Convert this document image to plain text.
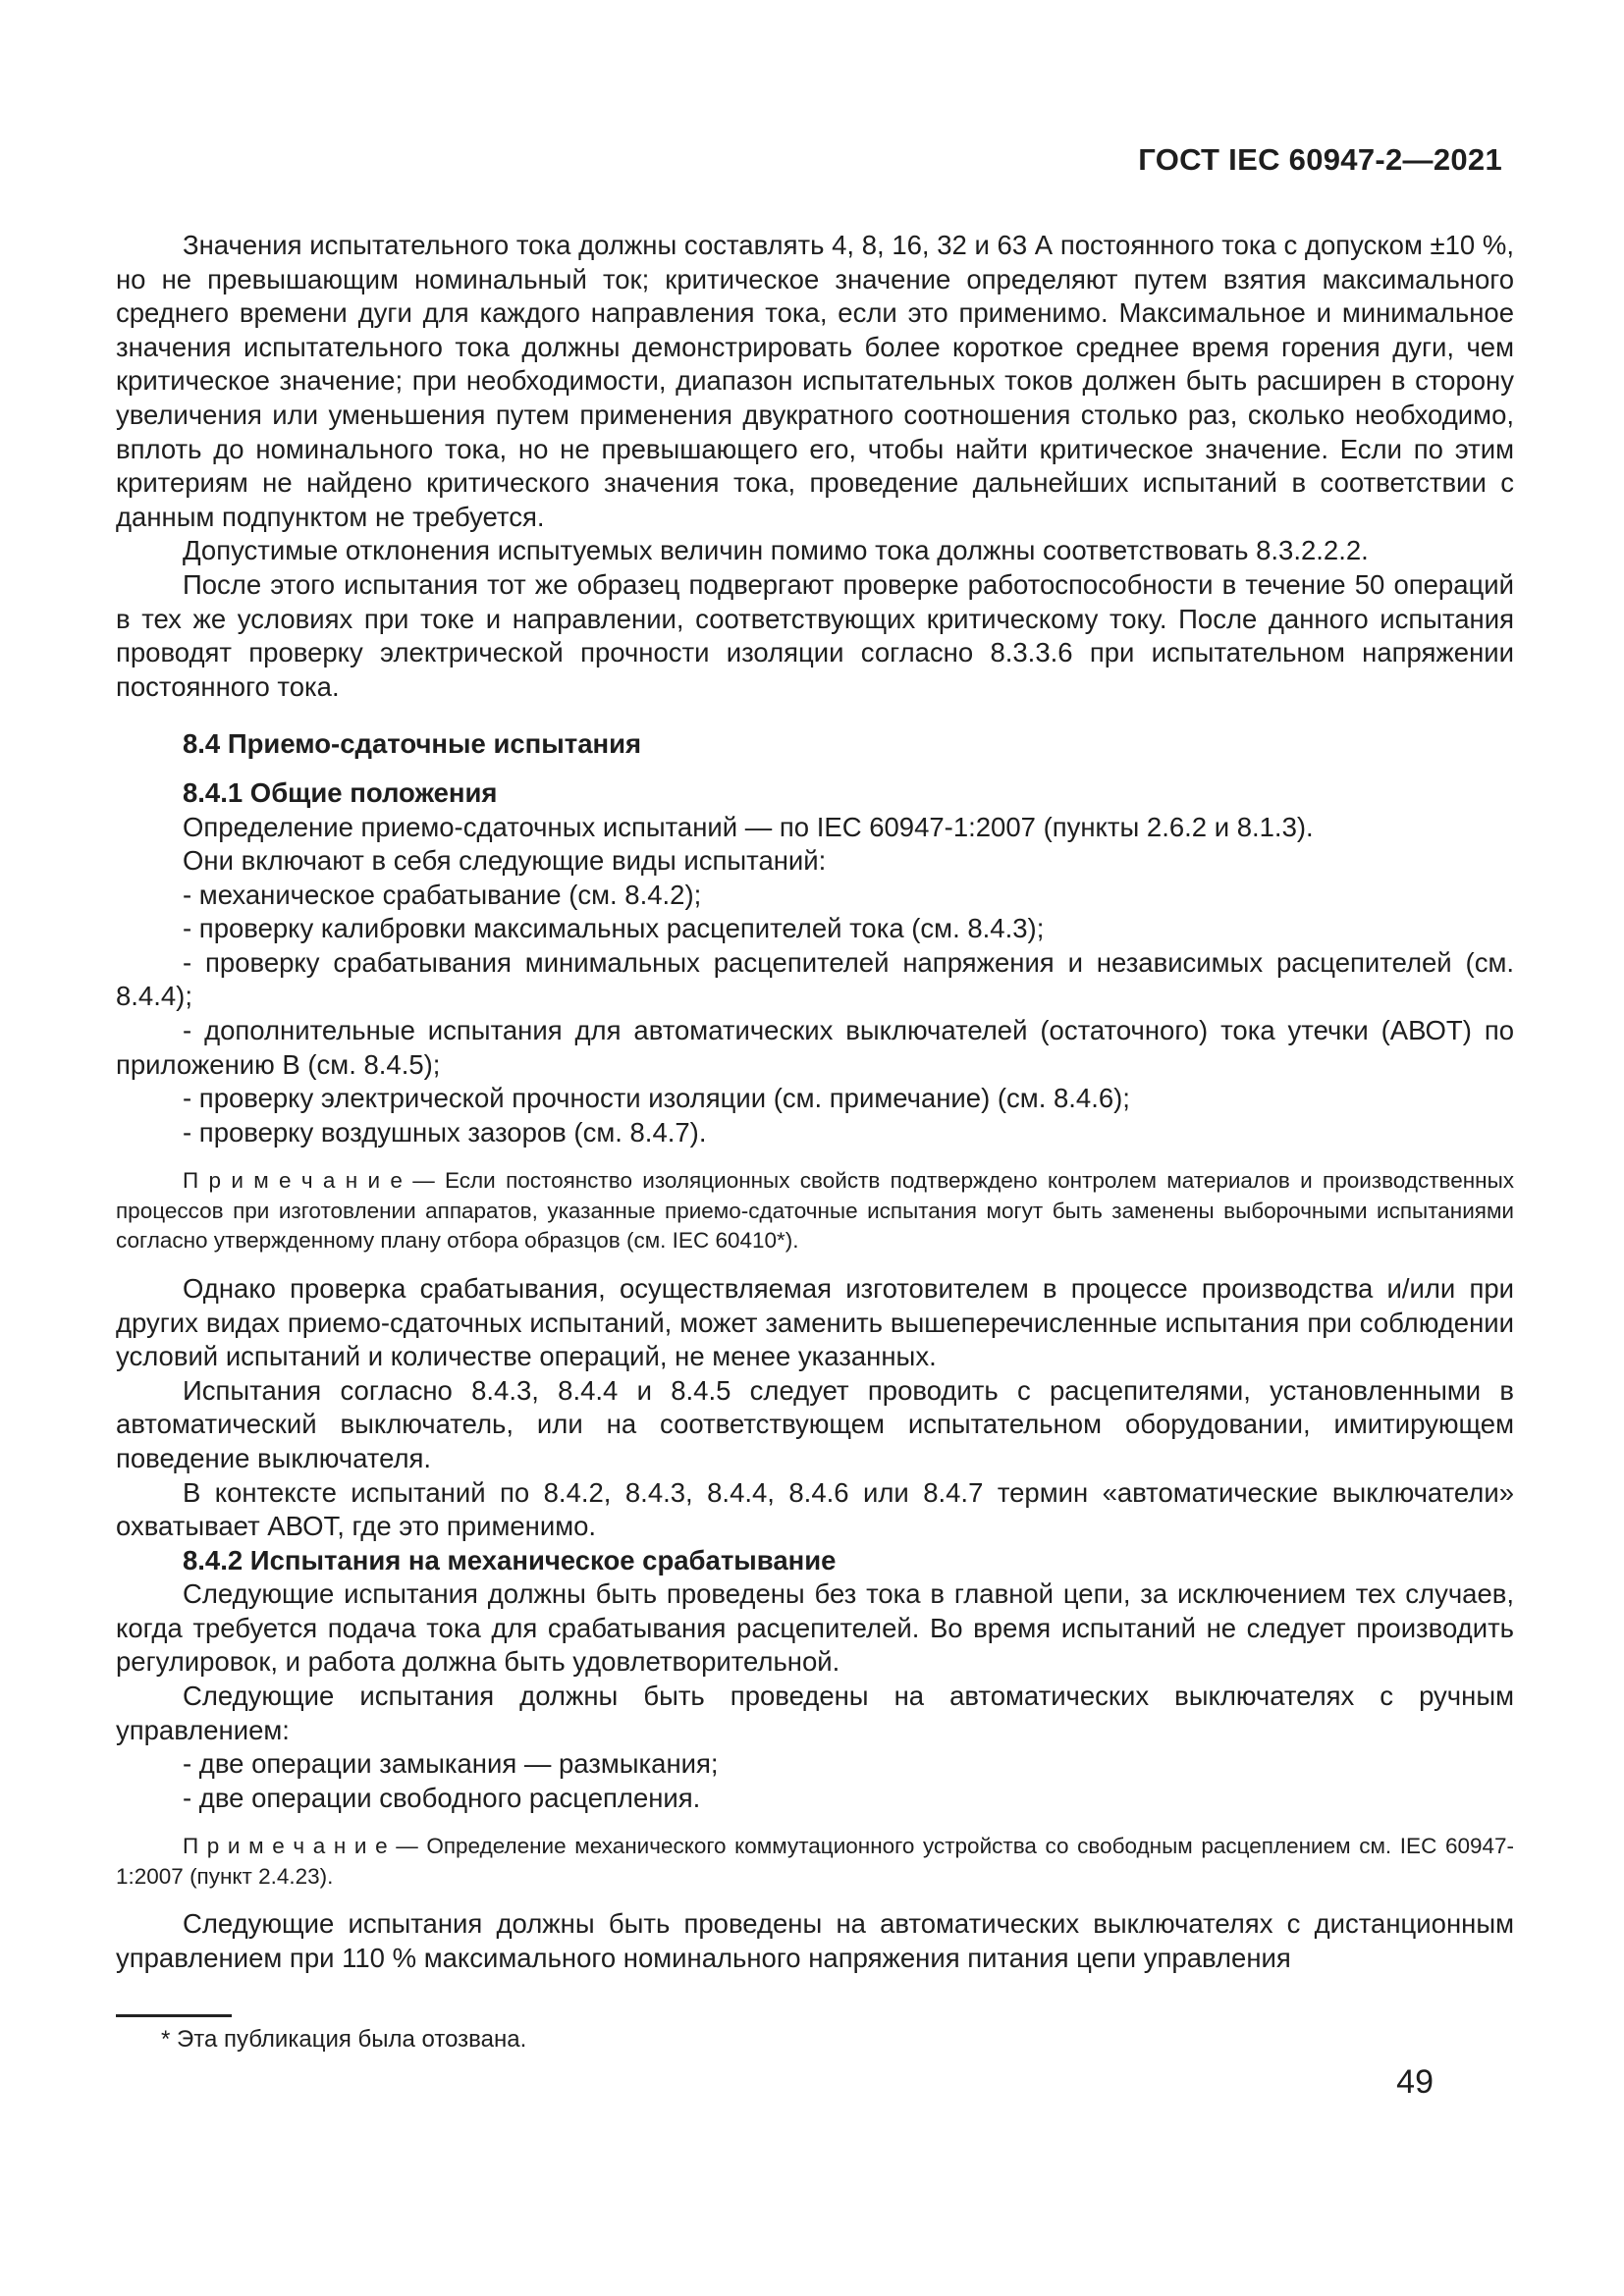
ГОСТ IEC 60947-2—2021

Значения испытательного тока должны составлять 4, 8, 16, 32 и 63 А постоянного тока с допуском ±10 %, но не превышающим номинальный ток; критическое значение определяют путем взятия максимального среднего времени дуги для каждого направления тока, если это применимо. Максимальное и минимальное значения испытательного тока должны демонстрировать более короткое среднее время горения дуги, чем критическое значение; при необходимости, диапазон испытательных токов должен быть расширен в сторону увеличения или уменьшения путем применения двукратного соотношения столько раз, сколько необходимо, вплоть до номинального тока, но не превышающего его, чтобы найти критическое значение. Если по этим критериям не найдено критического значения тока, проведение дальнейших испытаний в соответствии с данным подпунктом не требуется.

Допустимые отклонения испытуемых величин помимо тока должны соответствовать 8.3.2.2.2.

После этого испытания тот же образец подвергают проверке работоспособности в течение 50 операций в тех же условиях при токе и направлении, соответствующих критическому току. После данного испытания проводят проверку электрической прочности изоляции согласно 8.3.3.6 при испытательном напряжении постоянного тока.

8.4 Приемо-сдаточные испытания
8.4.1 Общие положения

Определение приемо-сдаточных испытаний — по IEC 60947-1:2007 (пункты 2.6.2 и 8.1.3).

Они включают в себя следующие виды испытаний:

- механическое срабатывание (см. 8.4.2);

- проверку калибровки максимальных расцепителей тока (см. 8.4.3);

- проверку срабатывания минимальных расцепителей напряжения и независимых расцепителей (см. 8.4.4);

- дополнительные испытания для автоматических выключателей (остаточного) тока утечки (АВОТ) по приложению В (см. 8.4.5);

- проверку электрической прочности изоляции (см. примечание) (см. 8.4.6);

- проверку воздушных зазоров (см. 8.4.7).

П р и м е ч а н и е — Если постоянство изоляционных свойств подтверждено контролем материалов и производственных процессов при изготовлении аппаратов, указанные приемо-сдаточные испытания могут быть заменены выборочными испытаниями согласно утвержденному плану отбора образцов (см. IEC 60410*).

Однако проверка срабатывания, осуществляемая изготовителем в процессе производства и/или при других видах приемо-сдаточных испытаний, может заменить вышеперечисленные испытания при соблюдении условий испытаний и количестве операций, не менее указанных.

Испытания согласно 8.4.3, 8.4.4 и 8.4.5 следует проводить с расцепителями, установленными в автоматический выключатель, или на соответствующем испытательном оборудовании, имитирующем поведение выключателя.

В контексте испытаний по 8.4.2, 8.4.3, 8.4.4, 8.4.6 или 8.4.7 термин «автоматические выключатели» охватывает АВОТ, где это применимо.

8.4.2 Испытания на механическое срабатывание

Следующие испытания должны быть проведены без тока в главной цепи, за исключением тех случаев, когда требуется подача тока для срабатывания расцепителей. Во время испытаний не следует производить регулировок, и работа должна быть удовлетворительной.

Следующие испытания должны быть проведены на автоматических выключателях с ручным управлением:

- две операции замыкания — размыкания;

- две операции свободного расцепления.

П р и м е ч а н и е — Определение механического коммутационного устройства со свободным расцеплением см. IEC 60947-1:2007 (пункт 2.4.23).

Следующие испытания должны быть проведены на автоматических выключателях с дистанционным управлением при 110 % максимального номинального напряжения питания цепи управления

* Эта публикация была отозвана.
49
